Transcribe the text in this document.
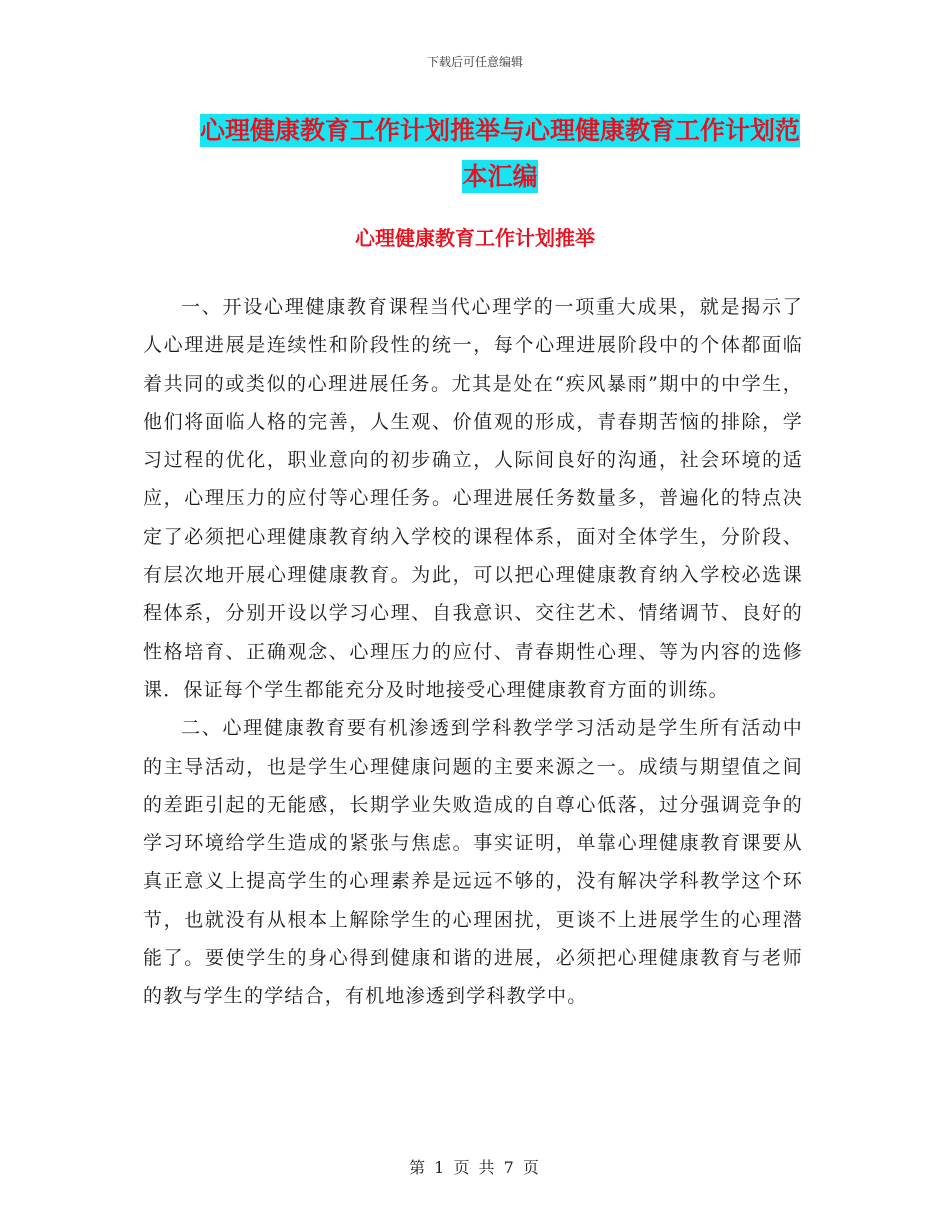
下载后可任意编辑
心理健康教育工作计划推举与心理健康教育工作计划范本汇编
心理健康教育工作计划推举

一、开设心理健康教育课程当代心理学的一项重大成果，就是揭示了人心理进展是连续性和阶段性的统一，每个心理进展阶段中的个体都面临着共同的或类似的心理进展任务。尤其是处在“疾风暴雨”期中的中学生，他们将面临人格的完善，人生观、价值观的形成，青春期苦恼的排除，学习过程的优化，职业意向的初步确立，人际间良好的沟通，社会环境的适应，心理压力的应付等心理任务。心理进展任务数量多，普遍化的特点决定了必须把心理健康教育纳入学校的课程体系，面对全体学生，分阶段、有层次地开展心理健康教育。为此，可以把心理健康教育纳入学校必选课程体系，分别开设以学习心理、自我意识、交往艺术、情绪调节、良好的性格培育、正确观念、心理压力的应付、青春期性心理、等为内容的选修课．保证每个学生都能充分及时地接受心理健康教育方面的训练。

二、心理健康教育要有机渗透到学科教学学习活动是学生所有活动中的主导活动，也是学生心理健康问题的主要来源之一。成绩与期望值之间的差距引起的无能感，长期学业失败造成的自尊心低落，过分强调竞争的学习环境给学生造成的紧张与焦虑。事实证明，单靠心理健康教育课要从真正意义上提高学生的心理素养是远远不够的，没有解决学科教学这个环节，也就没有从根本上解除学生的心理困扰，更谈不上进展学生的心理潜能了。要使学生的身心得到健康和谐的进展，必须把心理健康教育与老师的教与学生的学结合，有机地渗透到学科教学中。

第 1 页 共 7 页
